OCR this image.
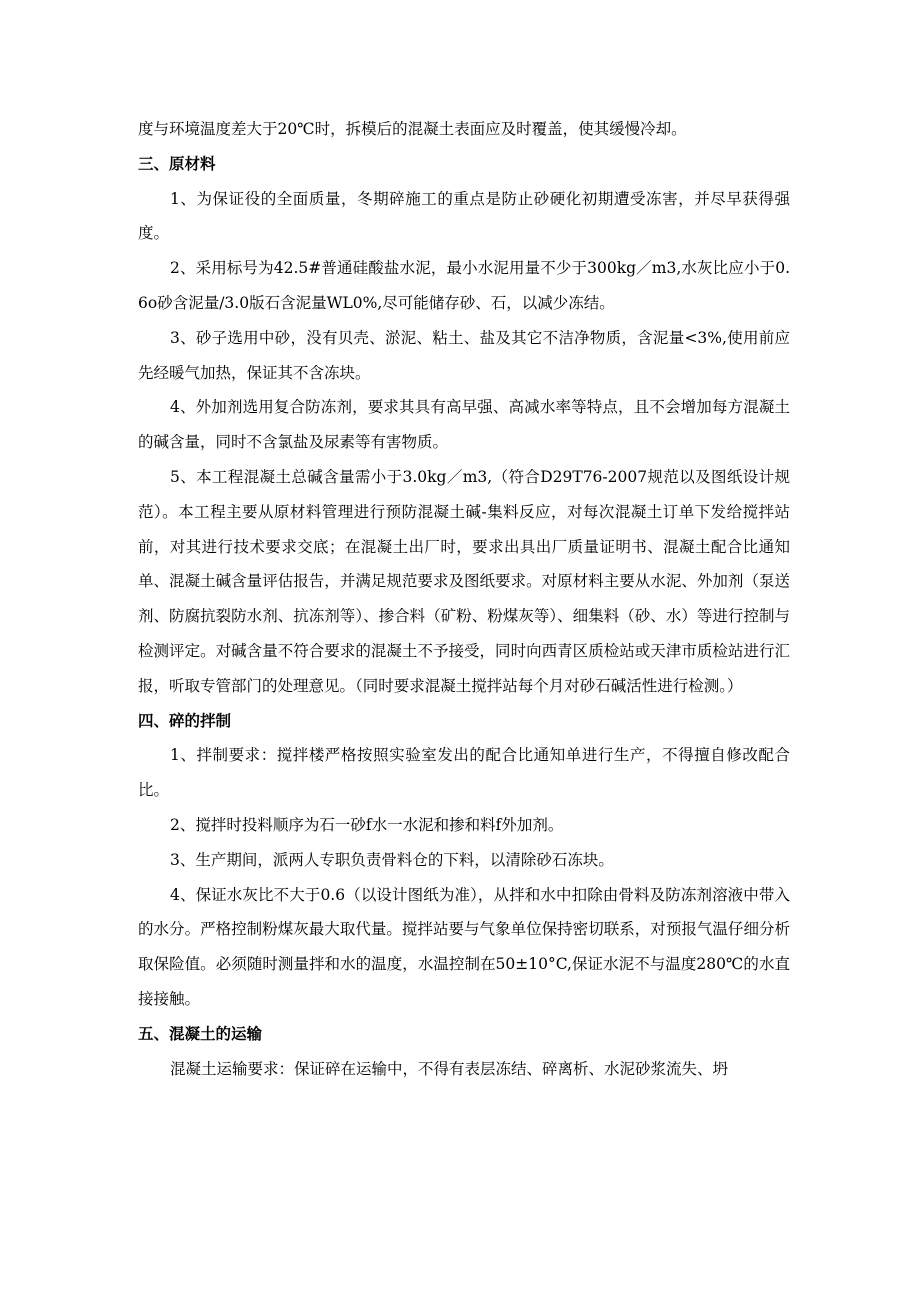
度与环境温度差大于20℃时，拆模后的混凝土表面应及时覆盖，使其缓慢冷却。

三、原材料

1、为保证役的全面质量，冬期碎施工的重点是防止砂硬化初期遭受冻害，并尽早获得强度。

2、采用标号为42.5#普通硅酸盐水泥，最小水泥用量不少于300kg／m3,水灰比应小于0.6o砂含泥量/3.0版石含泥量WL0%,尽可能储存砂、石，以减少冻结。

3、砂子选用中砂，没有贝壳、淤泥、粘土、盐及其它不洁净物质，含泥量<3%,使用前应先经暖气加热，保证其不含冻块。

4、外加剂选用复合防冻剂，要求其具有高早强、高减水率等特点，且不会增加每方混凝土的碱含量，同时不含氯盐及尿素等有害物质。

5、本工程混凝土总碱含量需小于3.0kg／m3,（符合D29T76-2007规范以及图纸设计规范）。本工程主要从原材料管理进行预防混凝土碱-集料反应，对每次混凝土订单下发给搅拌站前，对其进行技术要求交底；在混凝土出厂时，要求出具出厂质量证明书、混凝土配合比通知单、混凝土碱含量评估报告，并满足规范要求及图纸要求。对原材料主要从水泥、外加剂（泵送剂、防腐抗裂防水剂、抗冻剂等）、掺合料（矿粉、粉煤灰等）、细集料（砂、水）等进行控制与检测评定。对碱含量不符合要求的混凝土不予接受，同时向西青区质检站或天津市质检站进行汇报，听取专管部门的处理意见。（同时要求混凝土搅拌站每个月对砂石碱活性进行检测。）

四、碎的拌制

1、拌制要求：搅拌楼严格按照实验室发出的配合比通知单进行生产，不得擅自修改配合比。

2、搅拌时投料顺序为石一砂f水一水泥和掺和料f外加剂。

3、生产期间，派两人专职负责骨料仓的下料，以清除砂石冻块。

4、保证水灰比不大于0.6（以设计图纸为准），从拌和水中扣除由骨料及防冻剂溶液中带入的水分。严格控制粉煤灰最大取代量。搅拌站要与气象单位保持密切联系，对预报气温仔细分析取保险值。必须随时测量拌和水的温度，水温控制在50±10°C,保证水泥不与温度280℃的水直接接触。

五、混凝土的运输

混凝土运输要求：保证碎在运输中，不得有表层冻结、碎离析、水泥砂浆流失、坍
